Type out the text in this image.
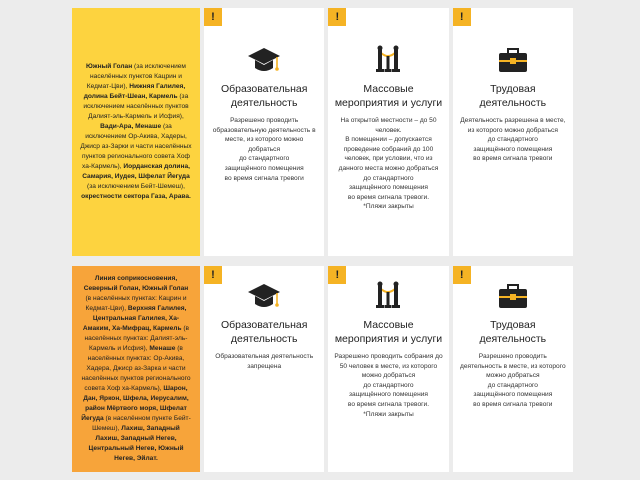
Южный Голан (за исключением населённых пунктов Кацрин и Кедмат-Цви), Нижняя Галилея, долина Бейт-Шеан, Кармель (за исключением населённых пунктов Далият-эль-Кармель и Исфия), Вади-Ара, Менаше (за исключением Ор-Акива, Хадеры, Джиср аз-Зарки и части населённых пунктов регионального совета Хоф ха-Кармель), Иорданская долина, Самария, Иудея, Шфелат Йегуда (за исключением Бейт-Шемеш), окрестности сектора Газа, Арава.
!
Образовательная деятельность
Разрешено проводить образовательную деятельность в месте, из которого можно добраться
до стандартного
защищённого помещения
во время сигнала тревоги
!
Массовые мероприятия и услуги
На открытой местности – до 50 человек.
В помещении – допускается проведение собраний до 100 человек, при условии, что из данного места можно добраться
до стандартного
защищённого помещения
во время сигнала тревоги.
*Пляжи закрыты
!
Трудовая деятельность
Деятельность разрешена в месте, из которого можно добраться
до стандартного
защищённого помещения
во время сигнала тревоги
Линия соприкосновения, Северный Голан, Южный Голан (в населённых пунктах: Кацрин и Кедмат-Цви), Верхняя Галилея, Центральная Галилея, Ха-Амаким, Ха-Мифрац, Кармель (в населённых пунктах: Далият-эль-Кармель и Исфия), Менаше (в населённых пунктах: Ор-Акива, Хадера, Джиср аз-Зарка и части населённых пунктов регионального совета Хоф ха-Кармель), Шарон, Дан, Яркон, Шфела, Иерусалим, район Мёртвого моря, Шфелат Йегуда (в населённом пункте Бейт-Шемеш), Лахиш, Западный Лахиш, Западный Негев, Центральный Негев, Южный Негев, Эйлат.
!
Образовательная деятельность
Образовательная деятельность запрещена
!
Массовые мероприятия и услуги
Разрешено проводить собрания до 50 человек в месте, из которого можно добраться
до стандартного
защищённого помещения
во время сигнала тревоги.
*Пляжи закрыты
!
Трудовая деятельность
Разрешено проводить деятельность в месте, из которого можно добраться
до стандартного
защищённого помещения
во время сигнала тревоги
